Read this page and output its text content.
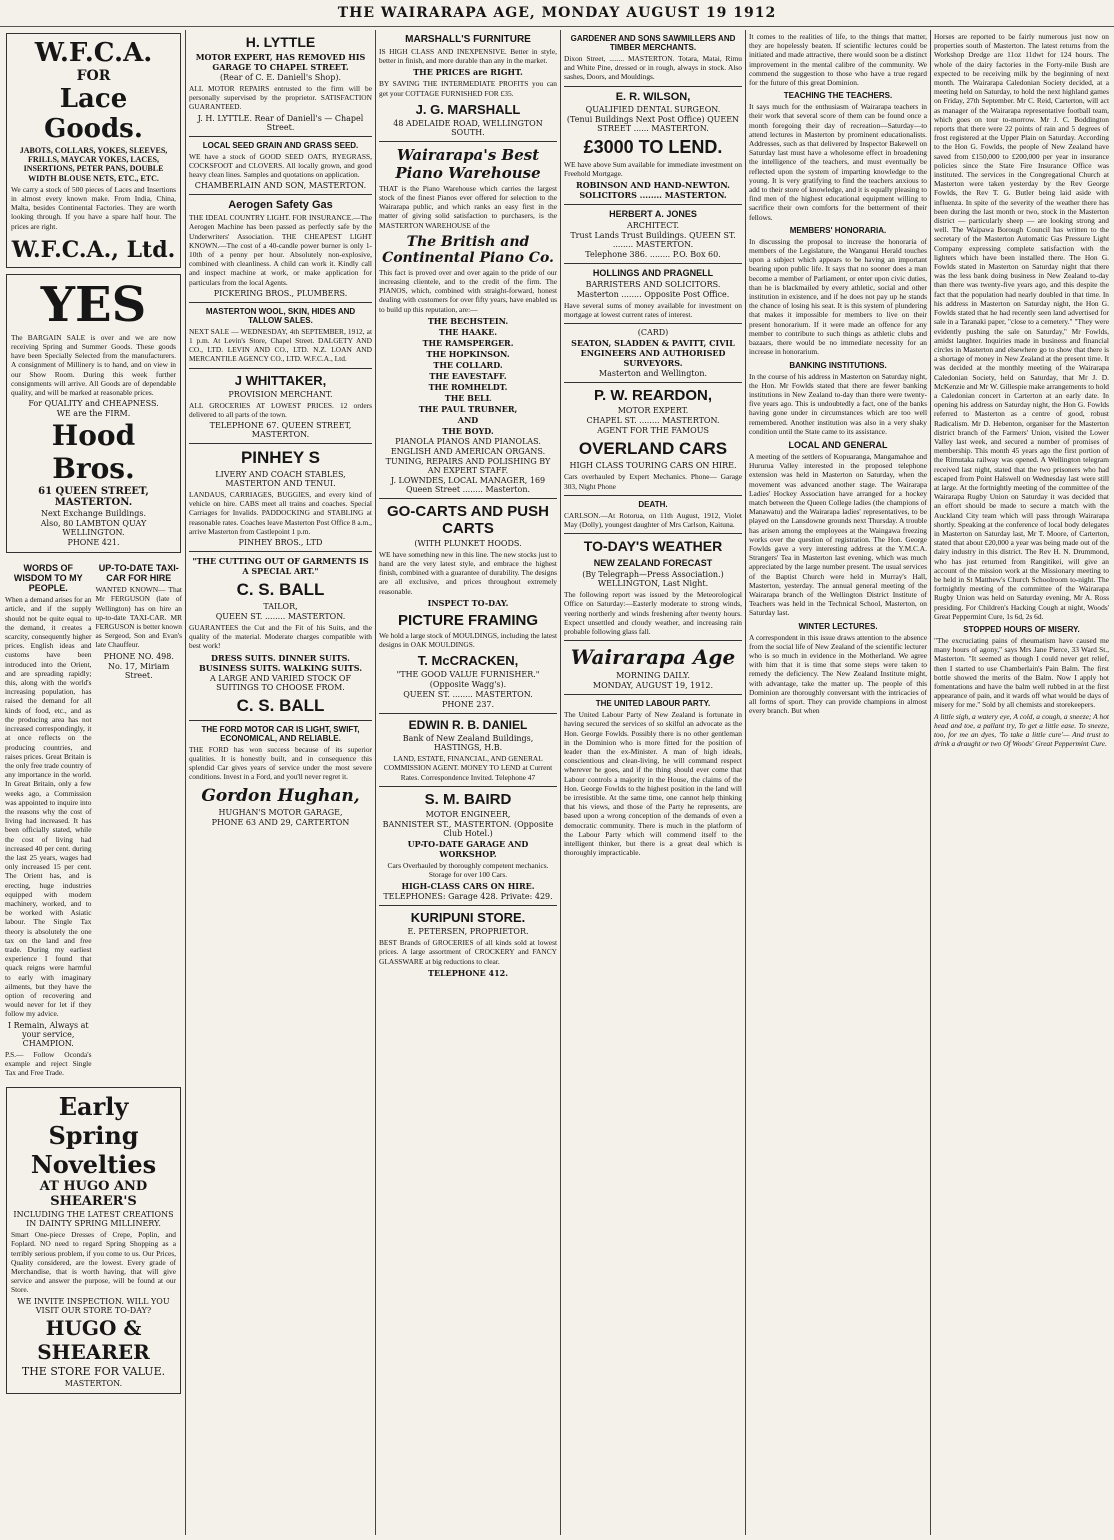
THE WAIRARAPA AGE, MONDAY AUGUST 19 1912
W.F.C.A.
FOR
Lace Goods.
JABOTS, COLLARS, YOKES, SLEEVES, FRILLS, MAYCAR YOKES, LACES, INSERTIONS, PETER PANS, DOUBLE WIDTH BLOUSE NETS, ETC., ETC.
We carry a stock of 500 pieces of Laces and Insertions in almost every known make. From India, China, Malta, besides Continental Factories. They are worth looking through. If you have a spare half hour. The prices are right.
W.F.C.A., Ltd.
YES
The BARGAIN SALE is over and we are now receiving Spring and Summer Goods. These goods have been Specially Selected from the manufacturers. A consignment of Millinery is to hand, and on view in our Show Room. During this week further consignments will arrive. All Goods are of dependable quality, and will be marked at reasonable prices.
For QUALITY and CHEAPNESS.
WE are the FIRM.
Hood Bros.
61 QUEEN STREET, MASTERTON.
Next Exchange Buildings.
Also, 80 LAMBTON QUAY WELLINGTON.
PHONE 421.
WORDS OF WISDOM TO MY PEOPLE.
When a demand arises for an article, and if the supply should not be quite equal to the demand, it creates a scarcity, consequently higher prices. English ideas and customs have been introduced into the Orient, and are spreading rapidly; this, along with the world's increasing population, has raised the demand for all kinds of food, etc., and as the producing area has not increased correspondingly, it at once reflects on the producing countries, and raises prices. Great Britain is the only free trade country of any importance in the world. In Great Britain, only a few weeks ago, a Commission was appointed to inquire into the reasons why the cost of living had increased. It has been officially stated, while the cost of living had increased 40 per cent. during the last 25 years, wages had only increased 15 per cent. The Orient has, and is erecting, huge industries equipped with modern machinery, worked, and to be worked with Asiatic labour. The Single Tax theory is absolutely the one tax on the land and free trade. During my earliest experience I found that quack reigns were harmful to early with imaginary ailments, but they have the option of recovering and would never for let if they follow my advice.
I Remain, Always at your service, CHAMPION.
P.S.— Follow Oconda's example and reject Single Tax and Free Trade.
UP-TO-DATE TAXI-CAR FOR HIRE
WANTED KNOWN— That Mr FERGUSON (late of Wellington) has on hire an up-to-date TAXI-CAR. MR FERGUSON is better known as Sergeod, Son and Evan's late Chauffeur.
PHONE NO. 498.
No. 17, Miriam Street.
Early Spring Novelties
AT HUGO AND SHEARER'S
INCLUDING THE LATEST CREATIONS IN DAINTY SPRING MILLINERY.
Smart One-piece Dresses of Crepe, Poplin, and Foplard. NO need to regard Spring Shopping as a terribly serious problem, if you come to us. Our Prices, Quality considered, are the lowest. Every grade of Merchandise, that is worth having, that will give service and answer the purpose, will be found at our Store.
WE INVITE INSPECTION. WILL YOU VISIT OUR STORE TO-DAY?
HUGO & SHEARER
THE STORE FOR VALUE.
MASTERTON.
H. LYTTLE
MOTOR EXPERT, HAS REMOVED HIS GARAGE TO CHAPEL STREET.
(Rear of C. E. Daniell's Shop).
ALL MOTOR REPAIRS entrusted to the firm will be personally supervised by the proprietor. SATISFACTION GUARANTEED.
J. H. LYTTLE. Rear of Daniell's — Chapel Street.
LOCAL SEED GRAIN AND GRASS SEED.
WE have a stock of GOOD SEED OATS, RYEGRASS, COCKSFOOT and CLOVERS. All locally grown, and good heavy clean lines. Samples and quotations on application.
CHAMBERLAIN AND SON, MASTERTON.
Aerogen Safety Gas
THE IDEAL COUNTRY LIGHT. FOR INSURANCE.—The Aerogen Machine has been passed as perfectly safe by the Underwriters' Association. THE CHEAPEST LIGHT KNOWN.—The cost of a 40-candle power burner is only 1-10th of a penny per hour. Absolutely non-explosive, combined with cleanliness. A child can work it. Kindly call and inspect machine at work, or make application for particulars from the local Agents.
PICKERING BROS., PLUMBERS.
MASTERTON WOOL, SKIN, HIDES AND TALLOW SALES.
NEXT SALE — WEDNESDAY, 4th SEPTEMBER, 1912, at 1 p.m. At Levin's Store, Chapel Street. DALGETY AND CO., LTD. LEVIN AND CO., LTD. N.Z. LOAN AND MERCANTILE AGENCY CO., LTD. W.F.C.A., Ltd.
J WHITTAKER,
PROVISION MERCHANT.
ALL GROCERIES AT LOWEST PRICES. 12 orders delivered to all parts of the town.
TELEPHONE 67. QUEEN STREET, MASTERTON.
PINHEY S
LIVERY AND COACH STABLES, MASTERTON AND TENUI.
LANDAUS, CARRIAGES, BUGGIES, and every kind of vehicle on hire. CABS meet all trains and coaches. Special Carriages for Invalids. PADDOCKING and STABLING at reasonable rates. Coaches leave Masterton Post Office 8 a.m., arrive Masterton from Castlepoint 1 p.m.
PINHEY BROS., LTD
"THE CUTTING OUT OF GARMENTS IS A SPECIAL ART."
C. S. BALL
TAILOR,
QUEEN ST. ........ MASTERTON.
GUARANTEES the Cut and the Fit of his Suits, and the quality of the material. Moderate charges compatible with best work!
DRESS SUITS. DINNER SUITS. BUSINESS SUITS. WALKING SUITS.
A LARGE AND VARIED STOCK OF SUITINGS TO CHOOSE FROM.
C. S. BALL
THE FORD MOTOR CAR IS LIGHT, SWIFT, ECONOMICAL, AND RELIABLE.
THE FORD has won success because of its superior qualities. It is honestly built, and in consequence this splendid Car gives years of service under the most severe conditions. Invest in a Ford, and you'll never regret it.
Gordon Hughan,
HUGHAN'S MOTOR GARAGE,
PHONE 63 AND 29, CARTERTON
MARSHALL'S FURNITURE
IS HIGH CLASS AND INEXPENSIVE. Better in style, better in finish, and more durable than any in the market.
THE PRICES are RIGHT.
BY SAVING THE INTERMEDIATE PROFITS you can get your COTTAGE FURNISHED FOR £35.
J. G. MARSHALL
48 ADELAIDE ROAD, WELLINGTON SOUTH.
Wairarapa's Best Piano Warehouse
THAT is the Piano Warehouse which carries the largest stock of the finest Pianos ever offered for selection to the Wairarapa public, and which ranks an easy first in the matter of giving solid satisfaction to purchasers, is the MASTERTON WAREHOUSE of the
The British and Continental Piano Co.
This fact is proved over and over again to the pride of our increasing clientele, and to the credit of the firm. The PIANOS, which, combined with straight-forward, honest dealing with customers for over fifty years, have enabled us to build up this reputation, are:—
THE BECHSTEIN.
THE HAAKE.
THE RAMSPERGER.
THE HOPKINSON.
THE COLLARD.
THE EAVESTAFF.
THE ROMHELDT.
THE BELL
THE PAUL TRUBNER,
AND
THE BOYD.
PIANOLA PIANOS AND PIANOLAS.
ENGLISH AND AMERICAN ORGANS.
TUNING, REPAIRS AND POLISHING BY AN EXPERT STAFF.
J. LOWNDES, LOCAL MANAGER, 169 Queen Street ........ Masterton.
GO-CARTS AND PUSH CARTS
(WITH PLUNKET HOODS.
WE have something new in this line. The new stocks just to hand are the very latest style, and embrace the highest finish, combined with a guarantee of durability. The designs are all exclusive, and prices throughout extremely reasonable.
INSPECT TO-DAY.
PICTURE FRAMING
We hold a large stock of MOULDINGS, including the latest designs in OAK MOULDINGS.
T. McCRACKEN,
"THE GOOD VALUE FURNISHER."
(Opposite Wagg's).
QUEEN ST. ........ MASTERTON.
PHONE 237.
EDWIN R. B. DANIEL
Bank of New Zealand Buildings, HASTINGS, H.B.
LAND, ESTATE, FINANCIAL, AND GENERAL COMMISSION AGENT. MONEY TO LEND at Current Rates. Correspondence Invited. Telephone 47
S. M. BAIRD
MOTOR ENGINEER,
BANNISTER ST., MASTERTON. (Opposite Club Hotel.)
UP-TO-DATE GARAGE AND WORKSHOP.
Cars Overhauled by thoroughly competent mechanics. Storage for over 100 Cars.
HIGH-CLASS CARS ON HIRE.
TELEPHONES: Garage 428. Private: 429.
KURIPUNI STORE.
E. PETERSEN, PROPRIETOR.
BEST Brands of GROCERIES of all kinds sold at lowest prices. A large assortment of CROCKERY and FANCY GLASSWARE at big reductions to clear.
TELEPHONE 412.
GARDENER AND SONS SAWMILLERS AND TIMBER MERCHANTS.
Dixon Street, ........ MASTERTON. Totara, Matai, Rimu and White Pine, dressed or in rough, always in stock. Also sashes, Doors, and Mouldings.
E. R. WILSON,
QUALIFIED DENTAL SURGEON.
(Tenui Buildings Next Post Office) QUEEN STREET ...... MASTERTON.
£3000 TO LEND.
WE have above Sum available for immediate investment on Freehold Mortgage.
ROBINSON AND HAND-NEWTON. SOLICITORS ........ MASTERTON.
HERBERT A. JONES
ARCHITECT.
Trust Lands Trust Buildings. QUEEN ST. ........ MASTERTON.
Telephone 386. ........ P.O. Box 60.
HOLLINGS AND PRAGNELL
BARRISTERS AND SOLICITORS.
Masterton ........ Opposite Post Office.
Have several sums of money available for investment on mortgage at lowest current rates of interest.
(CARD)
SEATON, SLADDEN & PAVITT, CIVIL ENGINEERS AND AUTHORISED SURVEYORS.
Masterton and Wellington.
P. W. REARDON,
MOTOR EXPERT.
CHAPEL ST. ........ MASTERTON.
AGENT FOR THE FAMOUS
OVERLAND CARS
HIGH CLASS TOURING CARS ON HIRE.
Cars overhauled by Expert Mechanics. Phone— Garage 303, Night Phone
DEATH.
CARLSON.—At Rotorua, on 11th August, 1912, Violet May (Dolly), youngest daughter of Mrs Carlson, Kaituna.
TO-DAY'S WEATHER
NEW ZEALAND FORECAST
(By Telegraph—Press Association.) WELLINGTON, Last Night.
The following report was issued by the Meteorological Office on Saturday:—Easterly moderate to strong winds, veering northerly and winds freshening after twenty hours. Expect unsettled and cloudy weather, and increasing rain probable following glass fall.
Wairarapa Age
MORNING DAILY.
MONDAY, AUGUST 19, 1912.
THE UNITED LABOUR PARTY.
The United Labour Party of New Zealand is fortunate in having secured the services of so skilful an advocate as the Hon. George Fowlds. Possibly there is no other gentleman in the Dominion who is more fitted for the position of leader than the ex-Minister. A man of high ideals, conscientious and clean-living, he will command respect wherever he goes, and if the thing should ever come that Labour controls a majority in the House, the claims of the Hon. George Fowlds to the highest position in the land will be irresistible. At the same time, one cannot help thinking that his views, and those of the Party he represents, are based upon a wrong conception of the demands of even a democratic community. There is much in the platform of the Labour Party which will commend itself to the intelligent thinker, but there is a great deal which is thoroughly impracticable.
It comes to the realities of life, to the things that matter, they are hopelessly beaten. If scientific lectures could be initiated and made attractive, there would soon be a distinct improvement in the mental calibre of the community. We commend the suggestion to those who have a true regard for the future of this great Dominion.
TEACHING THE TEACHERS.
It says much for the enthusiasm of Wairarapa teachers in their work that several score of them can be found once a month foregoing their day of recreation—Saturday—to attend lectures in Masterton by prominent educationalists. Addresses, such as that delivered by Inspector Bakewell on Saturday last must have a wholesome effect in broadening the intelligence of the teachers, and must eventually be reflected upon the system of imparting knowledge to the young. It is very gratifying to find the teachers anxious to add to their store of knowledge, and it is equally pleasing to find men of the highest educational equipment willing to sacrifice their own comforts for the betterment of their fellows.
MEMBERS' HONORARIA.
In discussing the proposal to increase the honoraria of members of the Legislature, the Wanganui Herald touches upon a subject which appears to be having an important bearing upon public life. It says that no sooner does a man become a member of Parliament, or enter upon civic duties, than he is blackmailed by every athletic, social and other institution in existence, and if he does not pay up he stands the chance of losing his seat. It is this system of plundering that makes it impossible for members to live on their present honorarium. If it were made an offence for any member to contribute to such things as athletic clubs and bazaars, there would be no immediate necessity for an increase in honorarium.
BANKING INSTITUTIONS.
In the course of his address in Masterton on Saturday night, the Hon. Mr Fowlds stated that there are fewer banking institutions in New Zealand to-day than there were twenty-five years ago. This is undoubtedly a fact, one of the banks having gone under in circumstances which are too well remembered. Another institution was also in a very shaky condition until the State came to its assistance.
LOCAL AND GENERAL
A meeting of the settlers of Kopuaranga, Mangamahoe and Hururua Valley interested in the proposed telephone extension was held in Masterton on Saturday, when the movement was advanced another stage. The Wairarapa Ladies' Hockey Association have arranged for a hockey match between the Queen College ladies (the champions of Manawatu) and the Wairarapa ladies' representatives, to be played on the Lansdowne grounds next Thursday. A trouble has arisen among the employees at the Waingawa freezing works over the question of registration. The Hon. George Fowlds gave a very interesting address at the Y.M.C.A. Strangers' Tea in Masterton last evening, which was much appreciated by the large number present. The usual services of the Baptist Church were held in Murray's Hall, Masterton, yesterday. The annual general meeting of the Wairarapa branch of the Wellington District Institute of Teachers was held in the Technical School, Masterton, on Saturday last.
WINTER LECTURES.
A correspondent in this issue draws attention to the absence from the social life of New Zealand of the scientific lecturer who is so much in evidence in the Motherland. We agree with him that it is time that some steps were taken to remedy the deficiency. The New Zealand Institute might, with advantage, take the matter up. The people of this Dominion are thoroughly conversant with the intricacies of all forms of sport. They can provide champions in almost every branch. But when
Horses are reported to be fairly numerous just now on properties south of Masterton. The latest returns from the Workshop Dredge are 11oz 11dwt for 124 hours. The whole of the dairy factories in the Forty-mile Bush are expected to be receiving milk by the beginning of next month. The Wairarapa Caledonian Society decided, at a meeting held on Saturday, to hold the next highland games on Friday, 27th September. Mr C. Reid, Carterton, will act as manager of the Wairarapa representative football team, which goes on tour to-morrow. Mr J. C. Boddington reports that there were 22 points of rain and 5 degrees of frost registered at the Upper Plain on Saturday. According to the Hon G. Fowlds, the people of New Zealand have saved from £150,000 to £200,000 per year in insurance policies since the State Fire Insurance Office was instituted. The services in the Congregational Church at Masterton were taken yesterday by the Rev George Fowlds, the Rev T. G. Butler being laid aside with influenza. In spite of the severity of the weather there has been during the last month or two, stock in the Masterton district — particularly sheep — are looking strong and well. The Waipawa Borough Council has written to the secretary of the Masterton Automatic Gas Pressure Light Company expressing complete satisfaction with the lighters which have been installed there. The Hon G. Fowlds stated in Masterton on Saturday night that there was the less bank doing business in New Zealand to-day than there was twenty-five years ago, and this despite the fact that the population had nearly doubled in that time. In his address in Masterton on Saturday night, the Hon G. Fowlds stated that he had recently seen land advertised for sale in a Taranaki paper, "close to a cemetery." "They were evidently pushing the sale on Saturday," Mr Fowlds, amidst laughter. Inquiries made in business and financial circles in Masterton and elsewhere go to show that there is a shortage of money in New Zealand at the present time. It was decided at the monthly meeting of the Wairarapa Caledonian Society, held on Saturday, that Mr J. D. McKenzie and Mr W. Gillespie make arrangements to hold a Caledonian concert in Carterton at an early date. In opening his address on Saturday night, the Hon G. Fowlds referred to Masterton as a centre of good, robust Radicalism. Mr D. Hebenton, organiser for the Masterton district branch of the Farmers' Union, visited the Lower Valley last week, and secured a number of promises of membership. This month 45 years ago the first portion of the Rimutaka railway was opened. A Wellington telegram received last night, stated that the two prisoners who had escaped from Point Halswell on Wednesday last were still at large. At the fortnightly meeting of the committee of the Wairarapa Rugby Union on Saturday it was decided that an effort should be made to secure a match with the Auckland City team which will pass through Wairarapa shortly. Speaking at the conference of local body delegates in Masterton on Saturday last, Mr T. Moore, of Carterton, stated that about £20,000 a year was being made out of the dairy industry in this district. The Rev H. N. Drummond, who has just returned from Rangitikei, will give an account of the mission work at the Missionary meeting to be held in St Matthew's Church Schoolroom to-night. The fortnightly meeting of the committee of the Wairarapa Rugby Union was held on Saturday evening, Mr A. Ross presiding. For Children's Hacking Cough at night, Woods' Great Peppermint Cure, 1s 6d, 2s 6d.
STOPPED HOURS OF MISERY.
"The excruciating pains of rheumatism have caused me many hours of agony," says Mrs Jane Pierce, 33 Ward St., Masterton. "It seemed as though I could never get relief, then I started to use Chamberlain's Pain Balm. The first bottle showed the merits of the Balm. Now I apply hot fomentations and have the balm well rubbed in at the first appearance of pain, and it wards off what would be days of misery for me." Sold by all chemists and storekeepers.
A little sigh, a watery eye, A cold, a cough, a sneeze; A hot head and toe, a pallant try, To get a little ease. To sneeze, too, for me an dyes, 'To take a little cure'— And trust to drink a draught or two Of Woods' Great Peppermint Cure.
